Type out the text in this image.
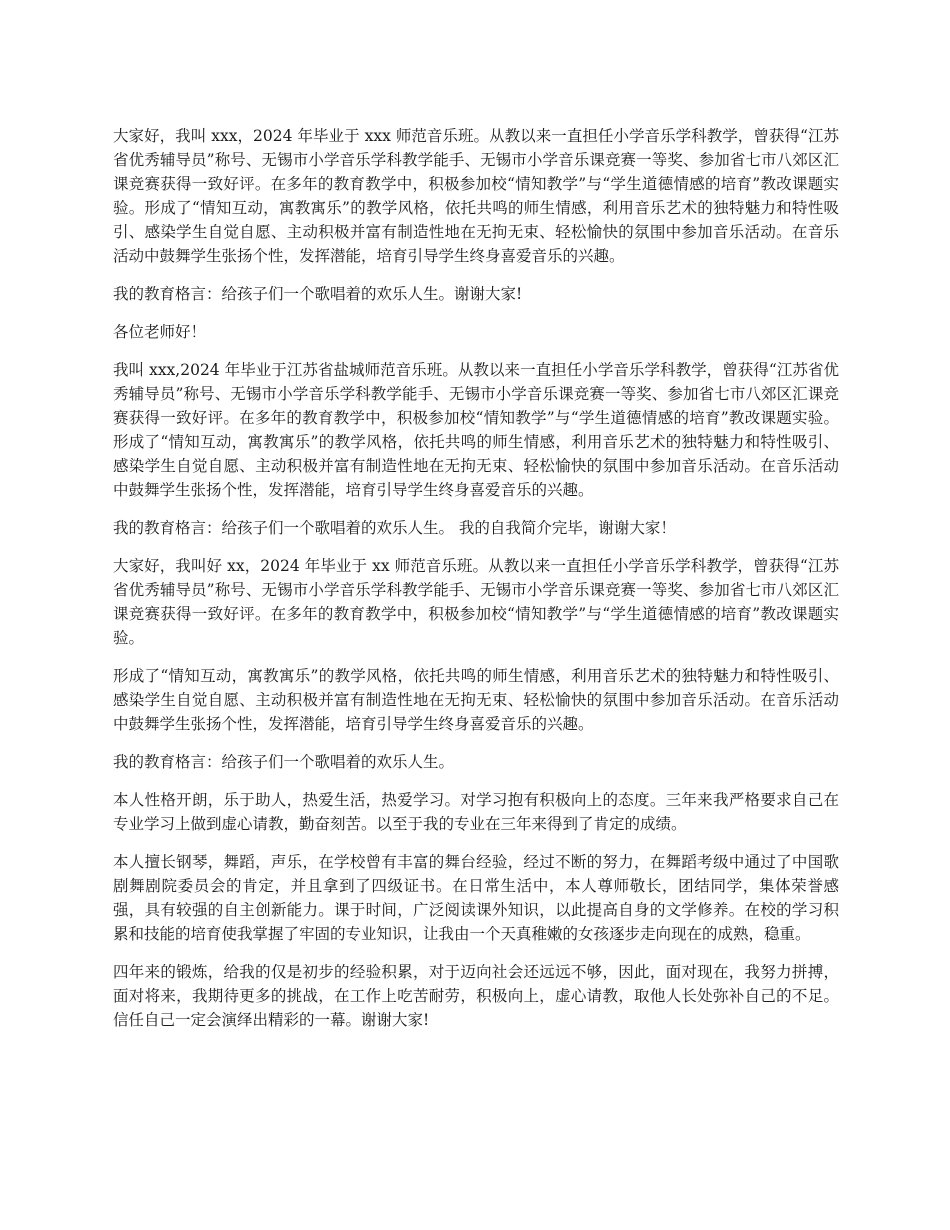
大家好，我叫 xxx，2024 年毕业于 xxx 师范音乐班。从教以来一直担任小学音乐学科教学，曾获得“江苏省优秀辅导员”称号、无锡市小学音乐学科教学能手、无锡市小学音乐课竞赛一等奖、参加省七市八郊区汇课竞赛获得一致好评。在多年的教育教学中，积极参加校“情知教学”与“学生道德情感的培育”教改课题实验。形成了“情知互动，寓教寓乐”的教学风格，依托共鸣的师生情感，利用音乐艺术的独特魅力和特性吸引、感染学生自觉自愿、主动积极并富有制造性地在无拘无束、轻松愉快的氛围中参加音乐活动。在音乐活动中鼓舞学生张扬个性，发挥潜能，培育引导学生终身喜爱音乐的兴趣。

我的教育格言：给孩子们一个歌唱着的欢乐人生。谢谢大家!

各位老师好！

我叫 xxx,2024 年毕业于江苏省盐城师范音乐班。从教以来一直担任小学音乐学科教学，曾获得“江苏省优秀辅导员”称号、无锡市小学音乐学科教学能手、无锡市小学音乐课竞赛一等奖、参加省七市八郊区汇课竞赛获得一致好评。在多年的教育教学中，积极参加校“情知教学”与“学生道德情感的培育”教改课题实验。形成了“情知互动，寓教寓乐”的教学风格，依托共鸣的师生情感，利用音乐艺术的独特魅力和特性吸引、感染学生自觉自愿、主动积极并富有制造性地在无拘无束、轻松愉快的氛围中参加音乐活动。在音乐活动中鼓舞学生张扬个性，发挥潜能，培育引导学生终身喜爱音乐的兴趣。

我的教育格言：给孩子们一个歌唱着的欢乐人生。 我的自我简介完毕，谢谢大家！

大家好，我叫好 xx，2024 年毕业于 xx 师范音乐班。从教以来一直担任小学音乐学科教学，曾获得“江苏省优秀辅导员”称号、无锡市小学音乐学科教学能手、无锡市小学音乐课竞赛一等奖、参加省七市八郊区汇课竞赛获得一致好评。在多年的教育教学中，积极参加校“情知教学”与“学生道德情感的培育”教改课题实验。

形成了“情知互动，寓教寓乐”的教学风格，依托共鸣的师生情感，利用音乐艺术的独特魅力和特性吸引、感染学生自觉自愿、主动积极并富有制造性地在无拘无束、轻松愉快的氛围中参加音乐活动。在音乐活动中鼓舞学生张扬个性，发挥潜能，培育引导学生终身喜爱音乐的兴趣。

我的教育格言：给孩子们一个歌唱着的欢乐人生。

本人性格开朗，乐于助人，热爱生活，热爱学习。对学习抱有积极向上的态度。三年来我严格要求自己在专业学习上做到虚心请教，勤奋刻苦。以至于我的专业在三年来得到了肯定的成绩。

本人擅长钢琴，舞蹈，声乐，在学校曾有丰富的舞台经验，经过不断的努力，在舞蹈考级中通过了中国歌剧舞剧院委员会的肯定，并且拿到了四级证书。在日常生活中，本人尊师敬长，团结同学，集体荣誉感强，具有较强的自主创新能力。课于时间，广泛阅读课外知识，以此提高自身的文学修养。在校的学习积累和技能的培育使我掌握了牢固的专业知识，让我由一个天真稚嫩的女孩逐步走向现在的成熟，稳重。

四年来的锻炼，给我的仅是初步的经验积累，对于迈向社会还远远不够，因此，面对现在，我努力拼搏，面对将来，我期待更多的挑战，在工作上吃苦耐劳，积极向上，虚心请教，取他人长处弥补自己的不足。信任自己一定会演绎出精彩的一幕。谢谢大家!
